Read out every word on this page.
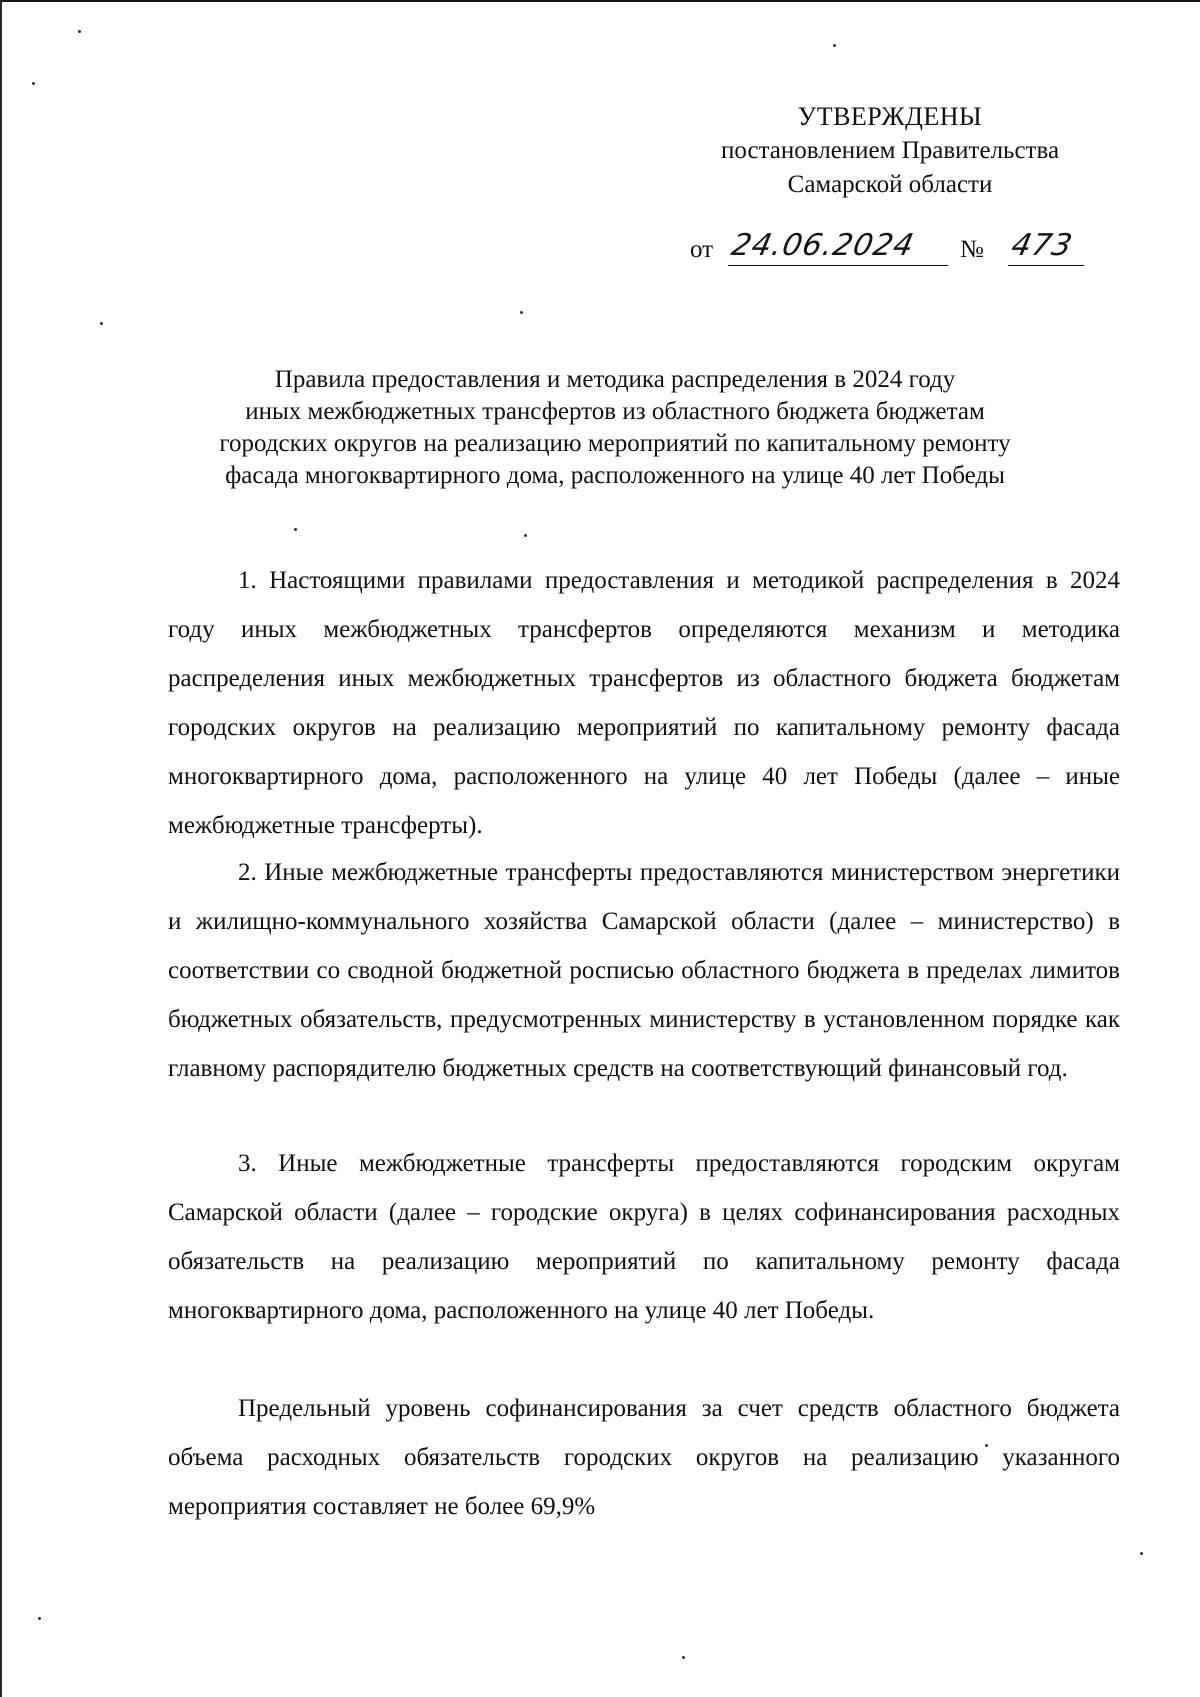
УТВЕРЖДЕНЫ
постановлением Правительства
Самарской области
от 24.06.2024 № 473
Правила предоставления и методика распределения в 2024 году
иных межбюджетных трансфертов из областного бюджета бюджетам
городских округов на реализацию мероприятий по капитальному ремонту
фасада многоквартирного дома, расположенного на улице 40 лет Победы

1. Настоящими правилами предоставления и методикой распределения в 2024 году иных межбюджетных трансфертов определяются механизм и методика распределения иных межбюджетных трансфертов из областного бюджета бюджетам городских округов на реализацию мероприятий по капитальному ремонту фасада многоквартирного дома, расположенного на улице 40 лет Победы (далее – иные межбюджетные трансферты).

2. Иные межбюджетные трансферты предоставляются министерством энергетики и жилищно-коммунального хозяйства Самарской области (далее – министерство) в соответствии со сводной бюджетной росписью областного бюджета в пределах лимитов бюджетных обязательств, предусмотренных министерству в установленном порядке как главному распорядителю бюджетных средств на соответствующий финансовый год.

3. Иные межбюджетные трансферты предоставляются городским округам Самарской области (далее – городские округа) в целях софинансирования расходных обязательств на реализацию мероприятий по капитальному ремонту фасада многоквартирного дома, расположенного на улице 40 лет Победы.

Предельный уровень софинансирования за счет средств областного бюджета объема расходных обязательств городских округов на реализацию указанного мероприятия составляет не более 69,9%
